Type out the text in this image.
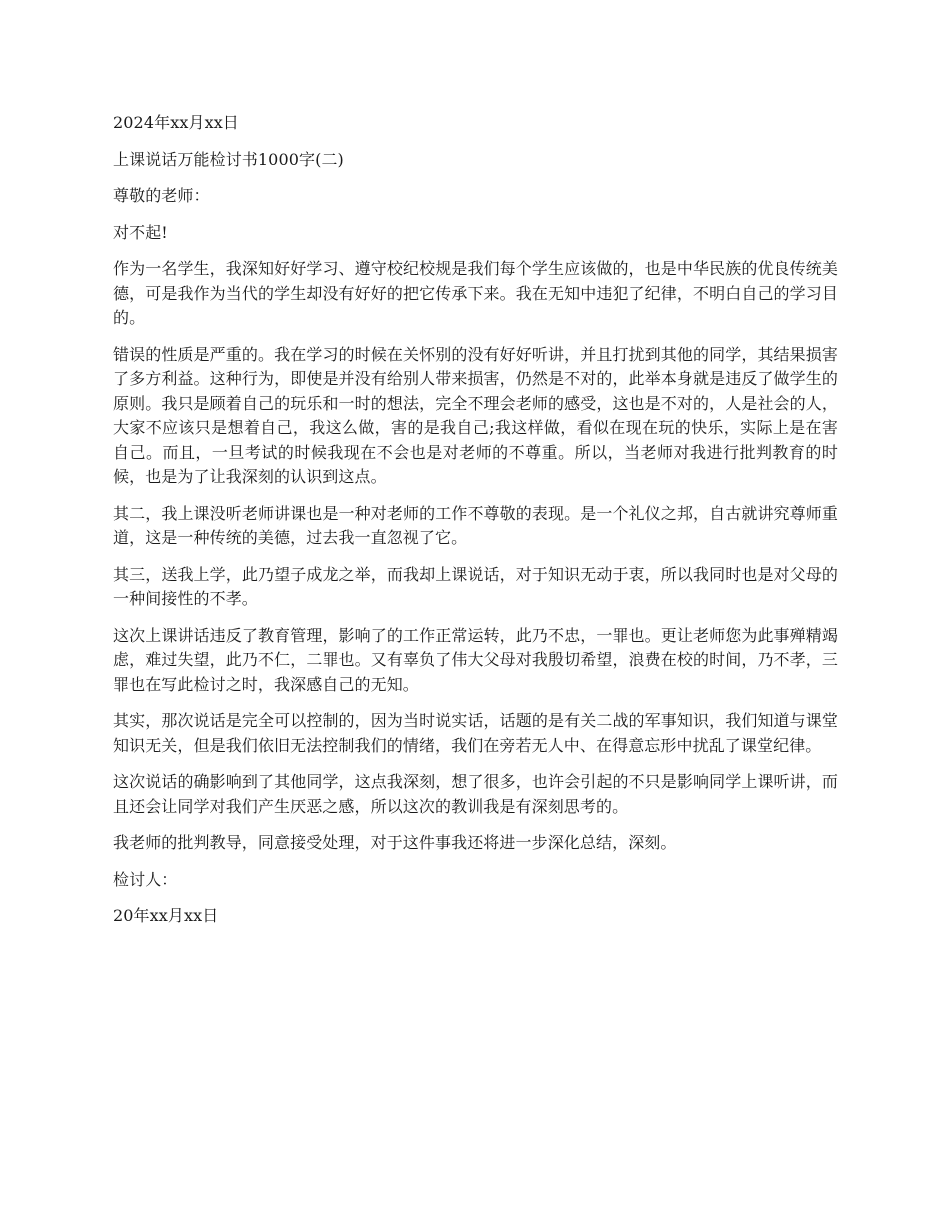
2024年xx月xx日

上课说话万能检讨书1000字(二)

尊敬的老师：

对不起!

作为一名学生，我深知好好学习、遵守校纪校规是我们每个学生应该做的，也是中华民族的优良传统美德，可是我作为当代的学生却没有好好的把它传承下来。我在无知中违犯了纪律，不明白自己的学习目的。

错误的性质是严重的。我在学习的时候在关怀别的没有好好听讲，并且打扰到其他的同学，其结果损害了多方利益。这种行为，即使是并没有给别人带来损害，仍然是不对的，此举本身就是违反了做学生的原则。我只是顾着自己的玩乐和一时的想法，完全不理会老师的感受，这也是不对的，人是社会的人，大家不应该只是想着自己，我这么做，害的是我自己;我这样做，看似在现在玩的快乐，实际上是在害自己。而且，一旦考试的时候我现在不会也是对老师的不尊重。所以，当老师对我进行批判教育的时候，也是为了让我深刻的认识到这点。

其二，我上课没听老师讲课也是一种对老师的工作不尊敬的表现。是一个礼仪之邦，自古就讲究尊师重道，这是一种传统的美德，过去我一直忽视了它。

其三，送我上学，此乃望子成龙之举，而我却上课说话，对于知识无动于衷，所以我同时也是对父母的一种间接性的不孝。

这次上课讲话违反了教育管理，影响了的工作正常运转，此乃不忠，一罪也。更让老师您为此事殚精竭虑，难过失望，此乃不仁，二罪也。又有辜负了伟大父母对我殷切希望，浪费在校的时间，乃不孝，三罪也在写此检讨之时，我深感自己的无知。

其实，那次说话是完全可以控制的，因为当时说实话，话题的是有关二战的军事知识，我们知道与课堂知识无关，但是我们依旧无法控制我们的情绪，我们在旁若无人中、在得意忘形中扰乱了课堂纪律。

这次说话的确影响到了其他同学，这点我深刻，想了很多，也许会引起的不只是影响同学上课听讲，而且还会让同学对我们产生厌恶之感，所以这次的教训我是有深刻思考的。

我老师的批判教导，同意接受处理，对于这件事我还将进一步深化总结，深刻。

检讨人：

20年xx月xx日
